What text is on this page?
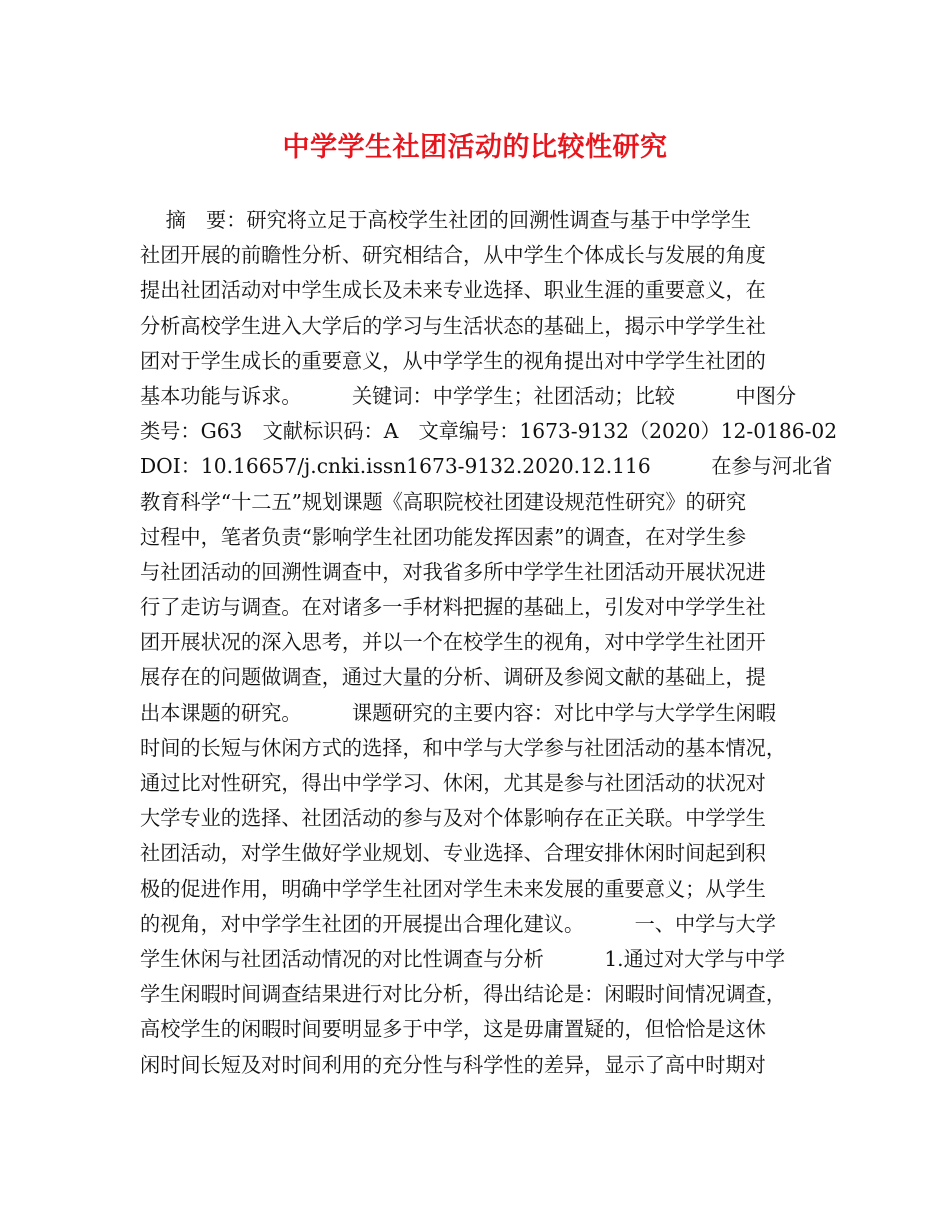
中学学生社团活动的比较性研究
摘　要：研究将立足于高校学生社团的回溯性调查与基于中学学生
社团开展的前瞻性分析、研究相结合，从中学生个体成长与发展的角度
提出社团活动对中学生成长及未来专业选择、职业生涯的重要意义，在
分析高校学生进入大学后的学习与生活状态的基础上，揭示中学学生社
团对于学生成长的重要意义，从中学学生的视角提出对中学学生社团的
基本功能与诉求。　　　关键词：中学学生；社团活动；比较　　　中图分
类号：G63　文献标识码：A　文章编号：1673-9132（2020）12-0186-02
DOI：10.16657/j.cnki.issn1673-9132.2020.12.116　　　在参与河北省
教育科学“十二五”规划课题《高职院校社团建设规范性研究》的研究
过程中，笔者负责“影响学生社团功能发挥因素”的调查，在对学生参
与社团活动的回溯性调查中，对我省多所中学学生社团活动开展状况进
行了走访与调查。在对诸多一手材料把握的基础上，引发对中学学生社
团开展状况的深入思考，并以一个在校学生的视角，对中学学生社团开
展存在的问题做调查，通过大量的分析、调研及参阅文献的基础上，提
出本课题的研究。　　　课题研究的主要内容：对比中学与大学学生闲暇
时间的长短与休闲方式的选择，和中学与大学参与社团活动的基本情况，
通过比对性研究，得出中学学习、休闲，尤其是参与社团活动的状况对
大学专业的选择、社团活动的参与及对个体影响存在正关联。中学学生
社团活动，对学生做好学业规划、专业选择、合理安排休闲时间起到积
极的促进作用，明确中学学生社团对学生未来发展的重要意义；从学生
的视角，对中学学生社团的开展提出合理化建议。　　　一、中学与大学
学生休闲与社团活动情况的对比性调查与分析　　　1.通过对大学与中学
学生闲暇时间调查结果进行对比分析，得出结论是：闲暇时间情况调查，
高校学生的闲暇时间要明显多于中学，这是毋庸置疑的，但恰恰是这休
闲时间长短及对时间利用的充分性与科学性的差异，显示了高中时期对
